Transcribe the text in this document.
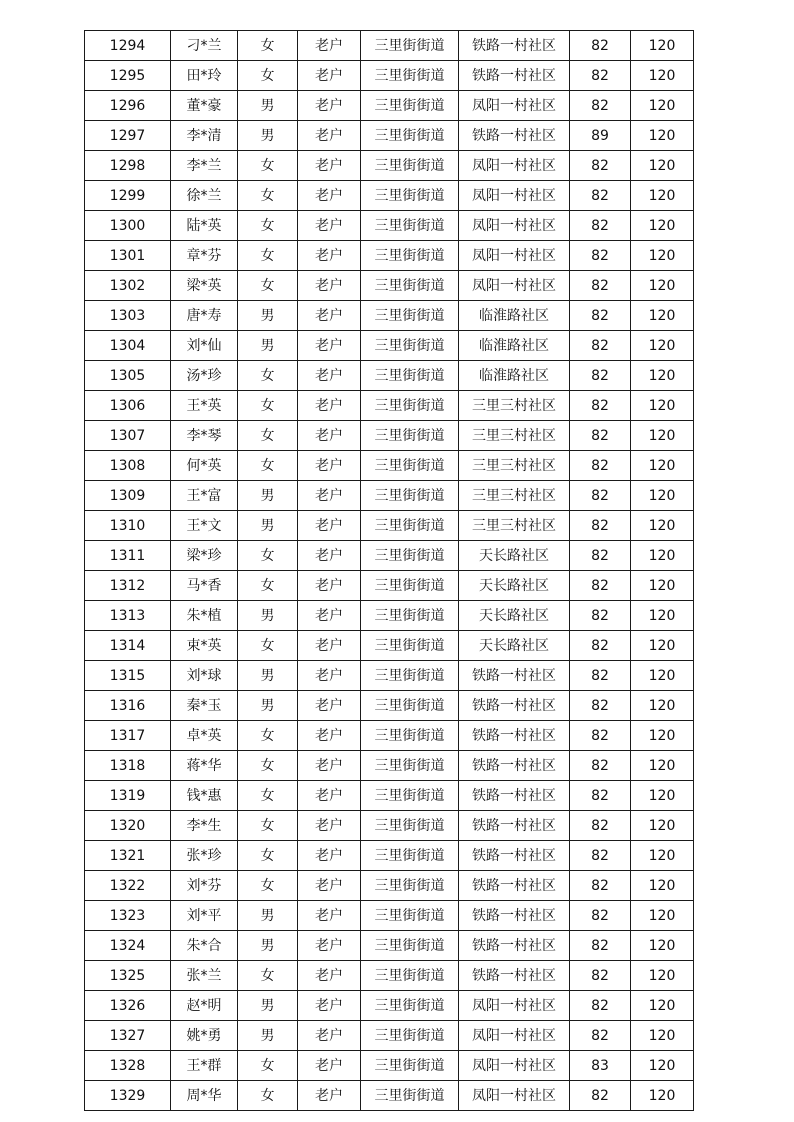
1294	刁*兰	女	老户	三里街街道	铁路一村社区	82	120
1295	田*玲	女	老户	三里街街道	铁路一村社区	82	120
1296	董*豪	男	老户	三里街街道	凤阳一村社区	82	120
1297	李*清	男	老户	三里街街道	铁路一村社区	89	120
1298	李*兰	女	老户	三里街街道	凤阳一村社区	82	120
1299	徐*兰	女	老户	三里街街道	凤阳一村社区	82	120
1300	陆*英	女	老户	三里街街道	凤阳一村社区	82	120
1301	章*芬	女	老户	三里街街道	凤阳一村社区	82	120
1302	梁*英	女	老户	三里街街道	凤阳一村社区	82	120
1303	唐*寿	男	老户	三里街街道	临淮路社区	82	120
1304	刘*仙	男	老户	三里街街道	临淮路社区	82	120
1305	汤*珍	女	老户	三里街街道	临淮路社区	82	120
1306	王*英	女	老户	三里街街道	三里三村社区	82	120
1307	李*琴	女	老户	三里街街道	三里三村社区	82	120
1308	何*英	女	老户	三里街街道	三里三村社区	82	120
1309	王*富	男	老户	三里街街道	三里三村社区	82	120
1310	王*文	男	老户	三里街街道	三里三村社区	82	120
1311	梁*珍	女	老户	三里街街道	天长路社区	82	120
1312	马*香	女	老户	三里街街道	天长路社区	82	120
1313	朱*植	男	老户	三里街街道	天长路社区	82	120
1314	束*英	女	老户	三里街街道	天长路社区	82	120
1315	刘*球	男	老户	三里街街道	铁路一村社区	82	120
1316	秦*玉	男	老户	三里街街道	铁路一村社区	82	120
1317	卓*英	女	老户	三里街街道	铁路一村社区	82	120
1318	蒋*华	女	老户	三里街街道	铁路一村社区	82	120
1319	钱*惠	女	老户	三里街街道	铁路一村社区	82	120
1320	李*生	女	老户	三里街街道	铁路一村社区	82	120
1321	张*珍	女	老户	三里街街道	铁路一村社区	82	120
1322	刘*芬	女	老户	三里街街道	铁路一村社区	82	120
1323	刘*平	男	老户	三里街街道	铁路一村社区	82	120
1324	朱*合	男	老户	三里街街道	铁路一村社区	82	120
1325	张*兰	女	老户	三里街街道	铁路一村社区	82	120
1326	赵*明	男	老户	三里街街道	凤阳一村社区	82	120
1327	姚*勇	男	老户	三里街街道	凤阳一村社区	82	120
1328	王*群	女	老户	三里街街道	凤阳一村社区	83	120
1329	周*华	女	老户	三里街街道	凤阳一村社区	82	120
